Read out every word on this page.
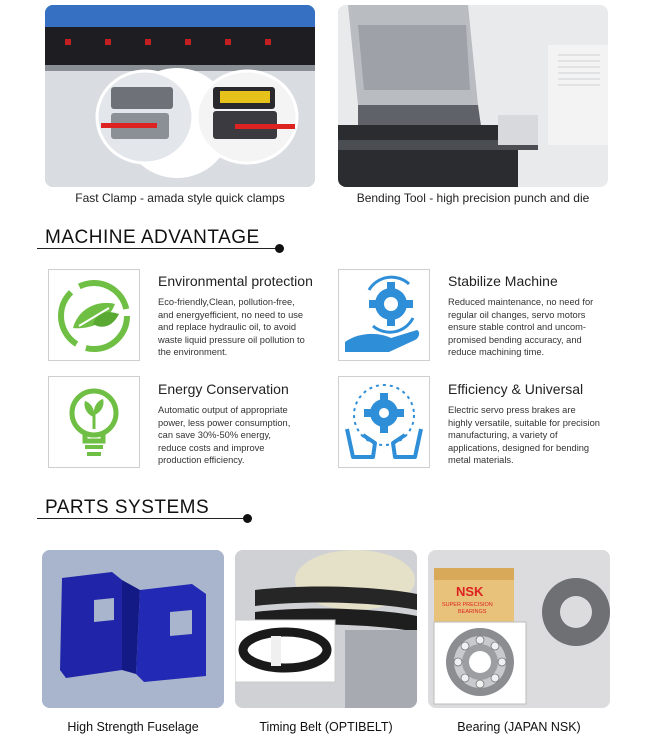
Fast Clamp - amada style quick clamps	Bending Tool - high precision punch and die
MACHINE ADVANTAGE
Environmental protection
Eco-friendly,Clean, pollution-free,
and energyefficient, no need to use
and replace hydraulic oil, to avoid
waste liquid pressure oil pollution to
the environment.
Stabilize Machine
Reduced maintenance, no need for
regular oil changes, servo motors
ensure stable control and uncom-
promised bending accuracy, and
reduce machining time.
Energy Conservation
Automatic output of appropriate
power, less power consumption,
can save 30%-50% energy,
reduce costs and improve
production efficiency.
Efficiency & Universal
Electric servo press brakes are
highly versatile, suitable for precision
manufacturing, a variety of
applications, designed for bending
metal materials.
PARTS SYSTEMS
NSK
SUPER PRECISION
BEARINGS
High Strength Fuselage	Timing Belt (OPTIBELT)	Bearing (JAPAN NSK)
